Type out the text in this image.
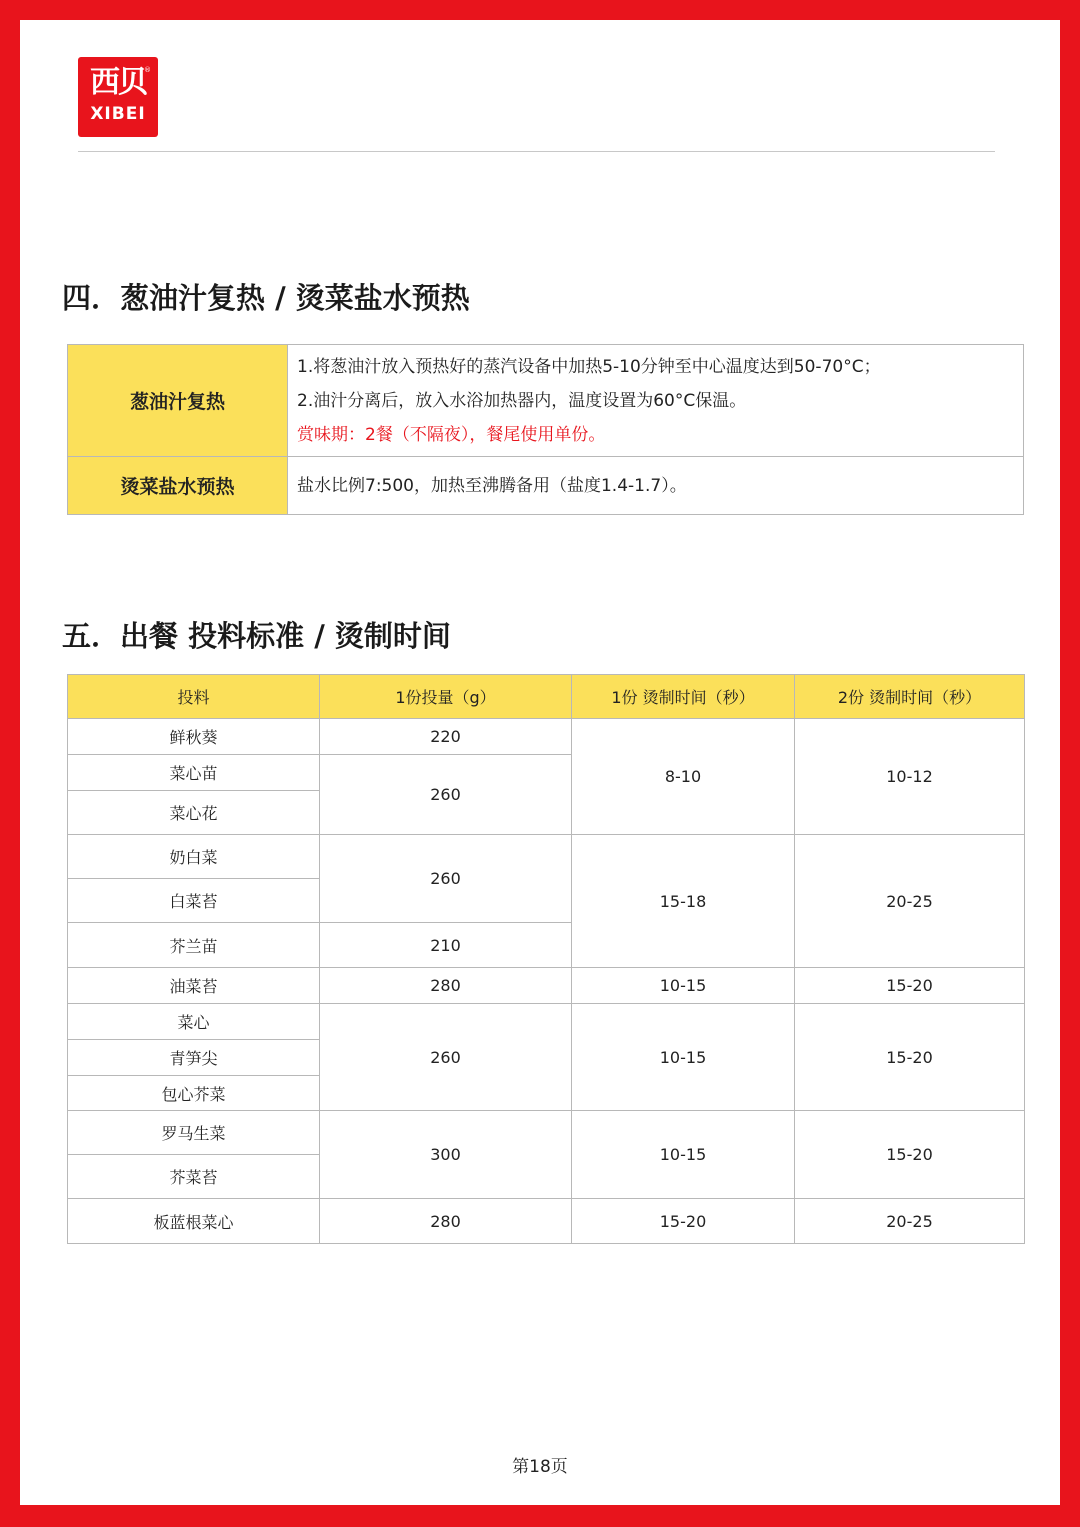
西贝
®
XIBEI
四．葱油汁复热 / 烫菜盐水预热
葱油汁复热	1.将葱油汁放入预热好的蒸汽设备中加热5-10分钟至中心温度达到50-70°C；
2.油汁分离后，放入水浴加热器内，温度设置为60°C保温。
赏味期：2餐（不隔夜），餐尾使用单份。

烫菜盐水预热	盐水比例7:500，加热至沸腾备用（盐度1.4-1.7）。
五．出餐 投料标准 / 烫制时间
投料	1份投量（g）	1份 烫制时间（秒）	2份 烫制时间（秒）
鲜秋葵	220	8-10	10-12
菜心苗	260		
菜心花			
奶白菜	260	15-18	20-25
白菜苔			
芥兰苗	210		
油菜苔	280	10-15	15-20
菜心	260	10-15	15-20
青笋尖			
包心芥菜			
罗马生菜	300	10-15	15-20
芥菜苔			
板蓝根菜心	280	15-20	20-25
第18页
